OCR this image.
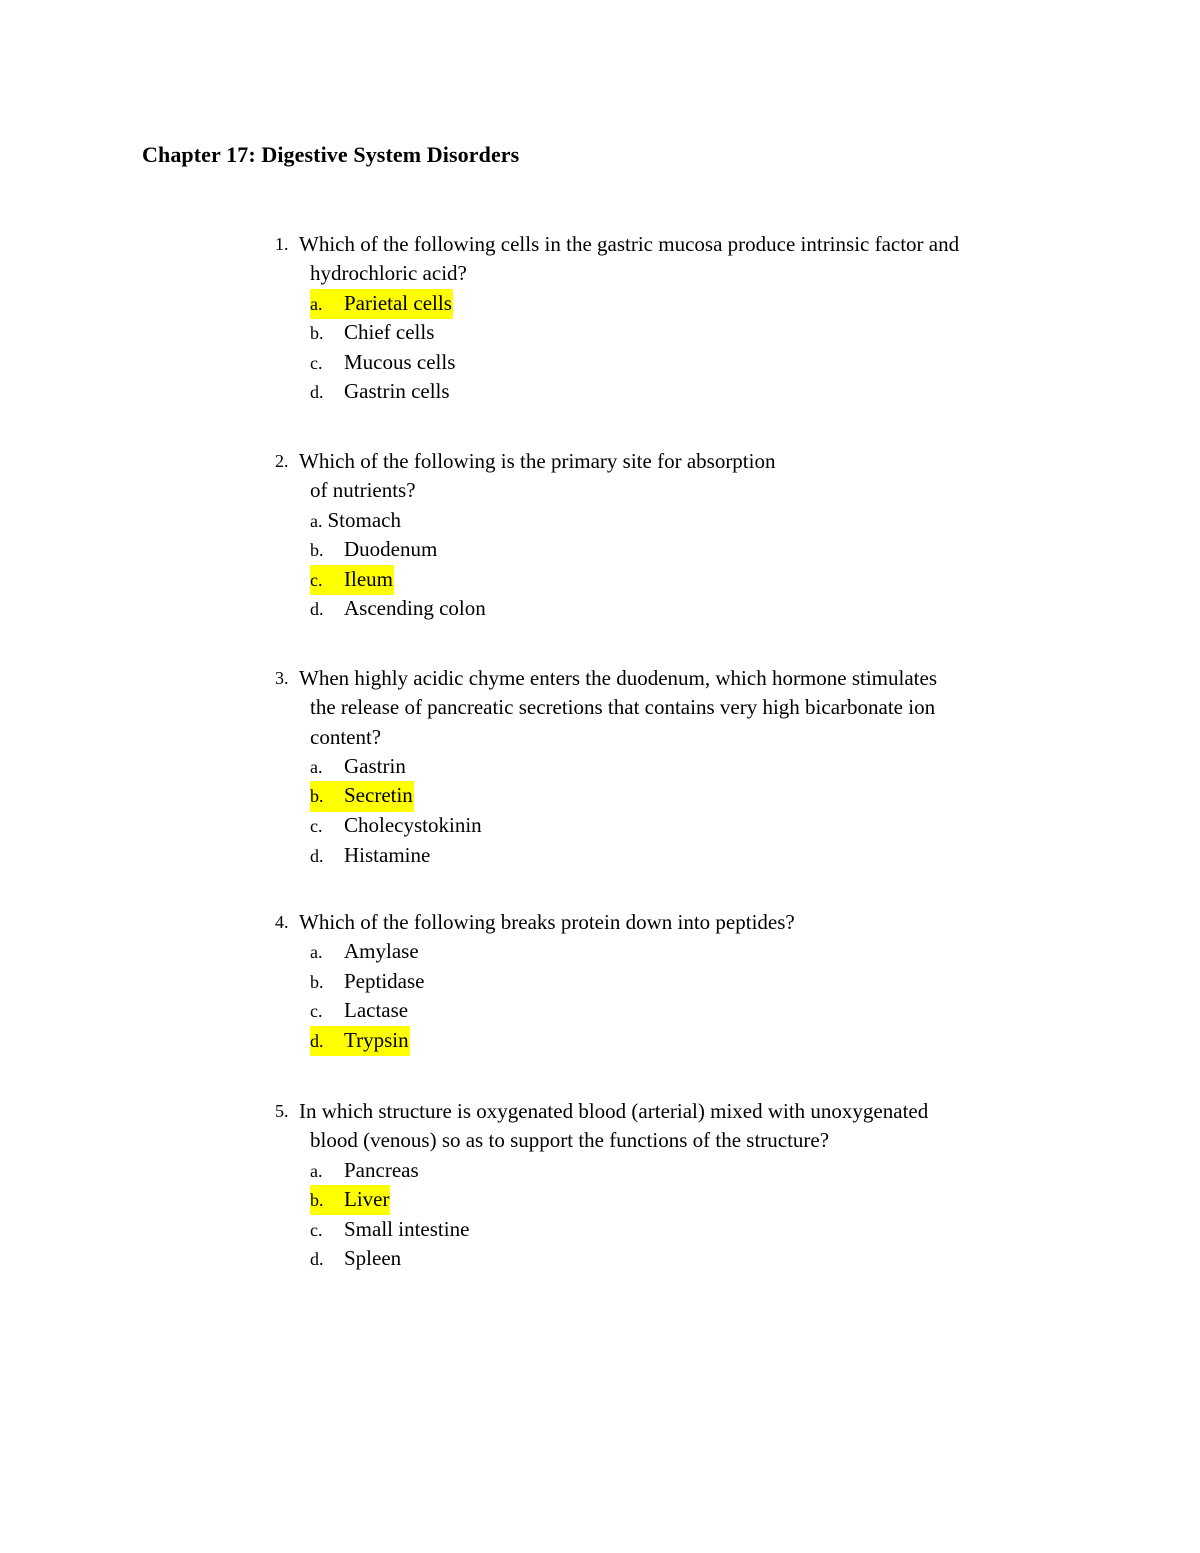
Chapter 17: Digestive System Disorders
1. Which of the following cells in the gastric mucosa produce intrinsic factor and
hydrochloric acid?
a.	Parietal cells
b. Chief cells
c.	Mucous cells
d. Gastrin cells
2. Which of the following is the primary site for absorption
of nutrients?
a. Stomach
b. Duodenum
c.	Ileum
d. Ascending colon
3. When highly acidic chyme enters the duodenum, which hormone stimulates
the release of pancreatic secretions that contains very high bicarbonate ion
content?
a.	Gastrin
b. Secretin
c.	Cholecystokinin
d. Histamine
4. Which of the following breaks protein down into peptides?
a.	Amylase
b. Peptidase
c.	Lactase
d. Trypsin
5. In which structure is oxygenated blood (arterial) mixed with unoxygenated
blood (venous) so as to support the functions of the structure?
a.	Pancreas
b. Liver
c.	Small intestine
d. Spleen
